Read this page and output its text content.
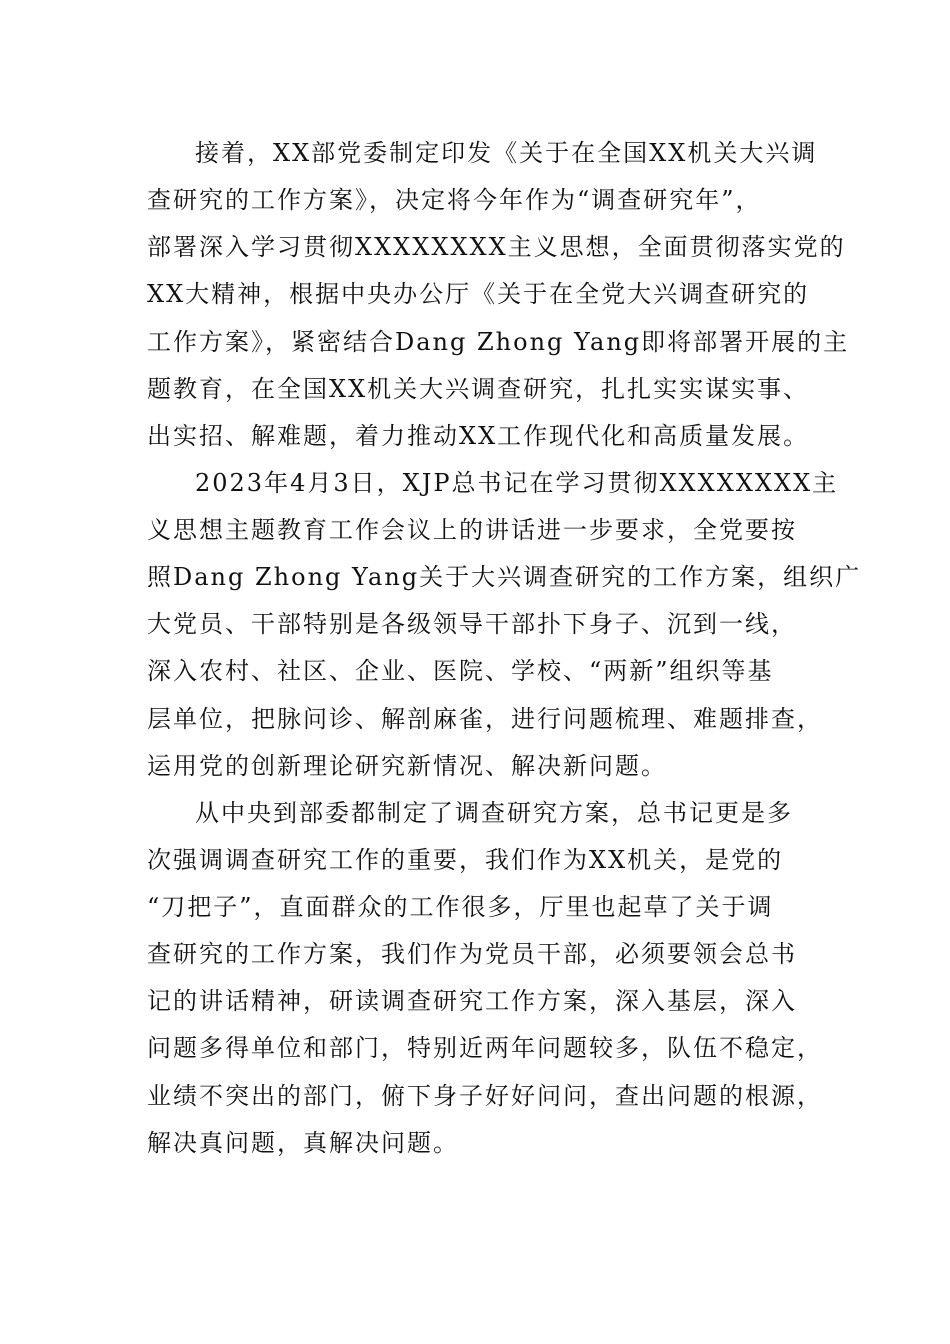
接着，XX部党委制定印发《关于在全国XX机关大兴调
查研究的工作方案》，决定将今年作为“调查研究年”，
部署深入学习贯彻XXXXXXXX主义思想，全面贯彻落实党的
XX大精神，根据中央办公厅《关于在全党大兴调查研究的
工作方案》，紧密结合Dang Zhong Yang即将部署开展的主
题教育，在全国XX机关大兴调查研究，扎扎实实谋实事、
出实招、解难题，着力推动XX工作现代化和高质量发展。
2023年4月3日，XJP总书记在学习贯彻XXXXXXXX主
义思想主题教育工作会议上的讲话进一步要求，全党要按
照Dang Zhong Yang关于大兴调查研究的工作方案，组织广
大党员、干部特别是各级领导干部扑下身子、沉到一线，
深入农村、社区、企业、医院、学校、“两新”组织等基
层单位，把脉问诊、解剖麻雀，进行问题梳理、难题排查，
运用党的创新理论研究新情况、解决新问题。
从中央到部委都制定了调查研究方案，总书记更是多
次强调调查研究工作的重要，我们作为XX机关，是党的
“刀把子”，直面群众的工作很多，厅里也起草了关于调
查研究的工作方案，我们作为党员干部，必须要领会总书
记的讲话精神，研读调查研究工作方案，深入基层，深入
问题多得单位和部门，特别近两年问题较多，队伍不稳定，
业绩不突出的部门，俯下身子好好问问，查出问题的根源，
解决真问题，真解决问题。
